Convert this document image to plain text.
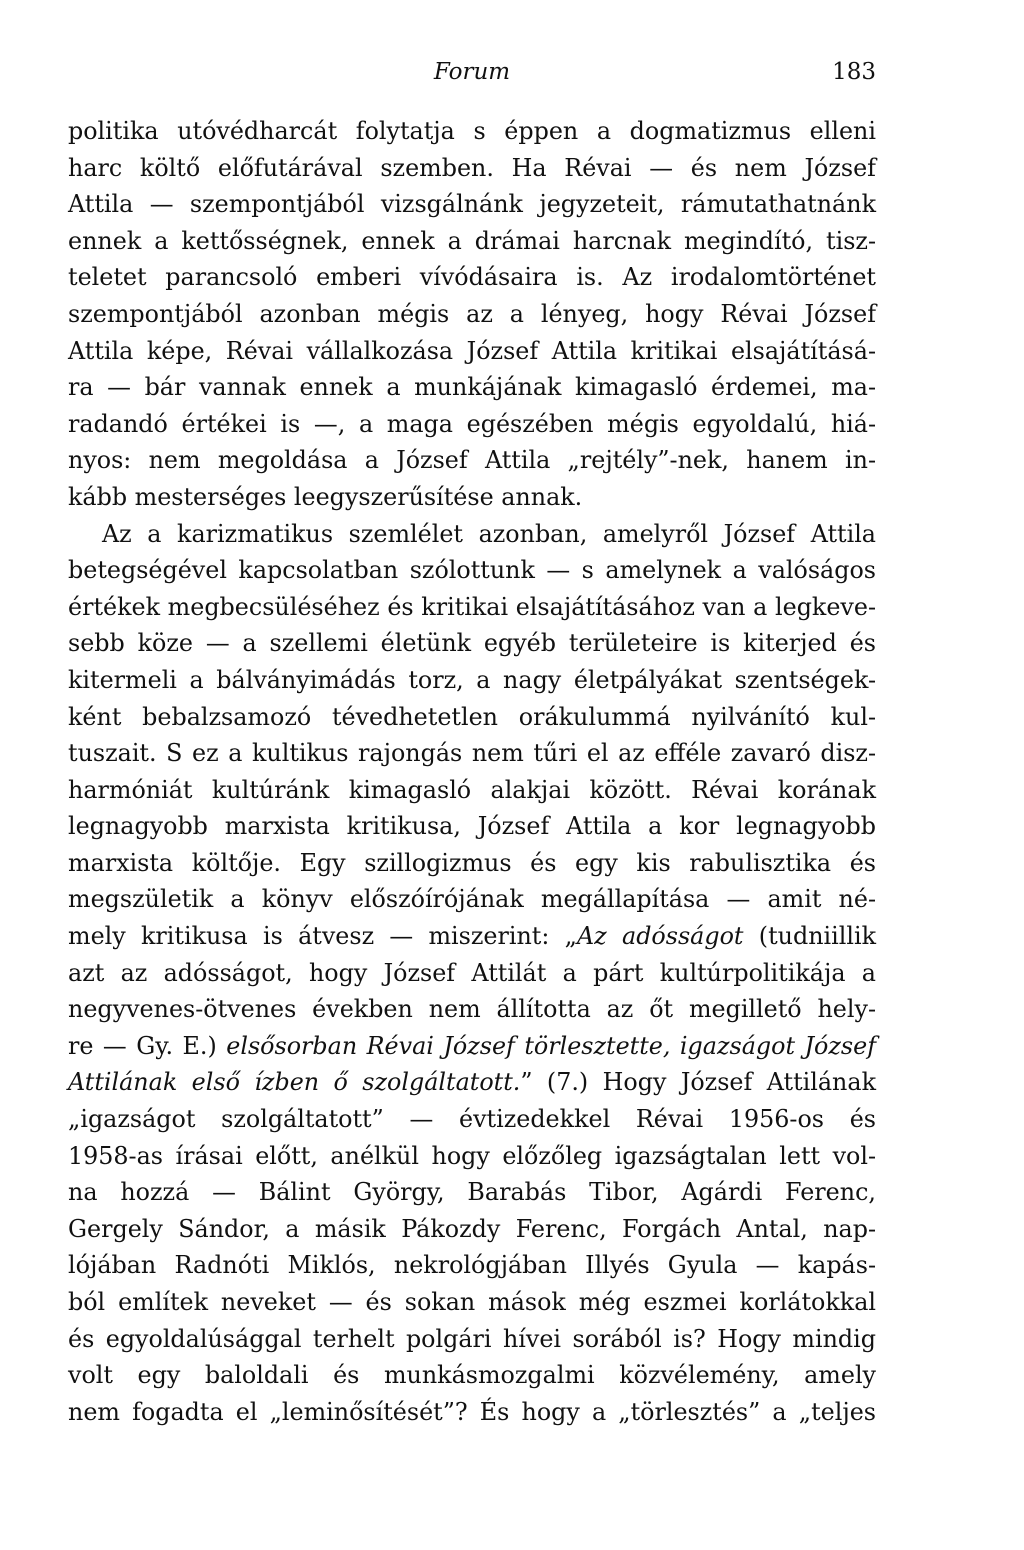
Forum	183
politika utóvédharcát folytatja s éppen a dogmatizmus elleni
harc költő előfutárával szemben. Ha Révai — és nem József
Attila — szempontjából vizsgálnánk jegyzeteit, rámutathatnánk
ennek a kettősségnek, ennek a drámai harcnak megindító, tisz-
teletet parancsoló emberi vívódásaira is. Az irodalomtörténet
szempontjából azonban mégis az a lényeg, hogy Révai József
Attila képe, Révai vállalkozása József Attila kritikai elsajátításá-
ra — bár vannak ennek a munkájának kimagasló érdemei, ma-
radandó értékei is —, a maga egészében mégis egyoldalú, hiá-
nyos: nem megoldása a József Attila „rejtély”-nek, hanem in-
kább mesterséges leegyszerűsítése annak.
Az a karizmatikus szemlélet azonban, amelyről József Attila
betegségével kapcsolatban szólottunk — s amelynek a valóságos
értékek megbecsüléséhez és kritikai elsajátításához van a legkeve-
sebb köze — a szellemi életünk egyéb területeire is kiterjed és
kitermeli a bálványimádás torz, a nagy életpályákat szentségek-
ként bebalzsamozó tévedhetetlen orákulummá nyilvánító kul-
tuszait. S ez a kultikus rajongás nem tűri el az efféle zavaró disz-
harmóniát kultúránk kimagasló alakjai között. Révai korának
legnagyobb marxista kritikusa, József Attila a kor legnagyobb
marxista költője. Egy szillogizmus és egy kis rabulisztika és
megszületik a könyv előszóírójának megállapítása — amit né-
mely kritikusa is átvesz — miszerint: „Az adósságot (tudniillik
azt az adósságot, hogy József Attilát a párt kultúrpolitikája a
negyvenes-ötvenes években nem állította az őt megillető hely-
re — Gy. E.) elsősorban Révai József törlesztette, igazságot József
Attilának első ízben ő szolgáltatott.” (7.) Hogy József Attilának
„igazságot szolgáltatott” — évtizedekkel Révai 1956-os és
1958-as írásai előtt, anélkül hogy előzőleg igazságtalan lett vol-
na hozzá — Bálint György, Barabás Tibor, Agárdi Ferenc,
Gergely Sándor, a másik Pákozdy Ferenc, Forgách Antal, nap-
lójában Radnóti Miklós, nekrológjában Illyés Gyula — kapás-
ból említek neveket — és sokan mások még eszmei korlátokkal
és egyoldalúsággal terhelt polgári hívei sorából is? Hogy mindig
volt egy baloldali és munkásmozgalmi közvélemény, amely
nem fogadta el „leminősítését”? És hogy a „törlesztés” a „teljes
